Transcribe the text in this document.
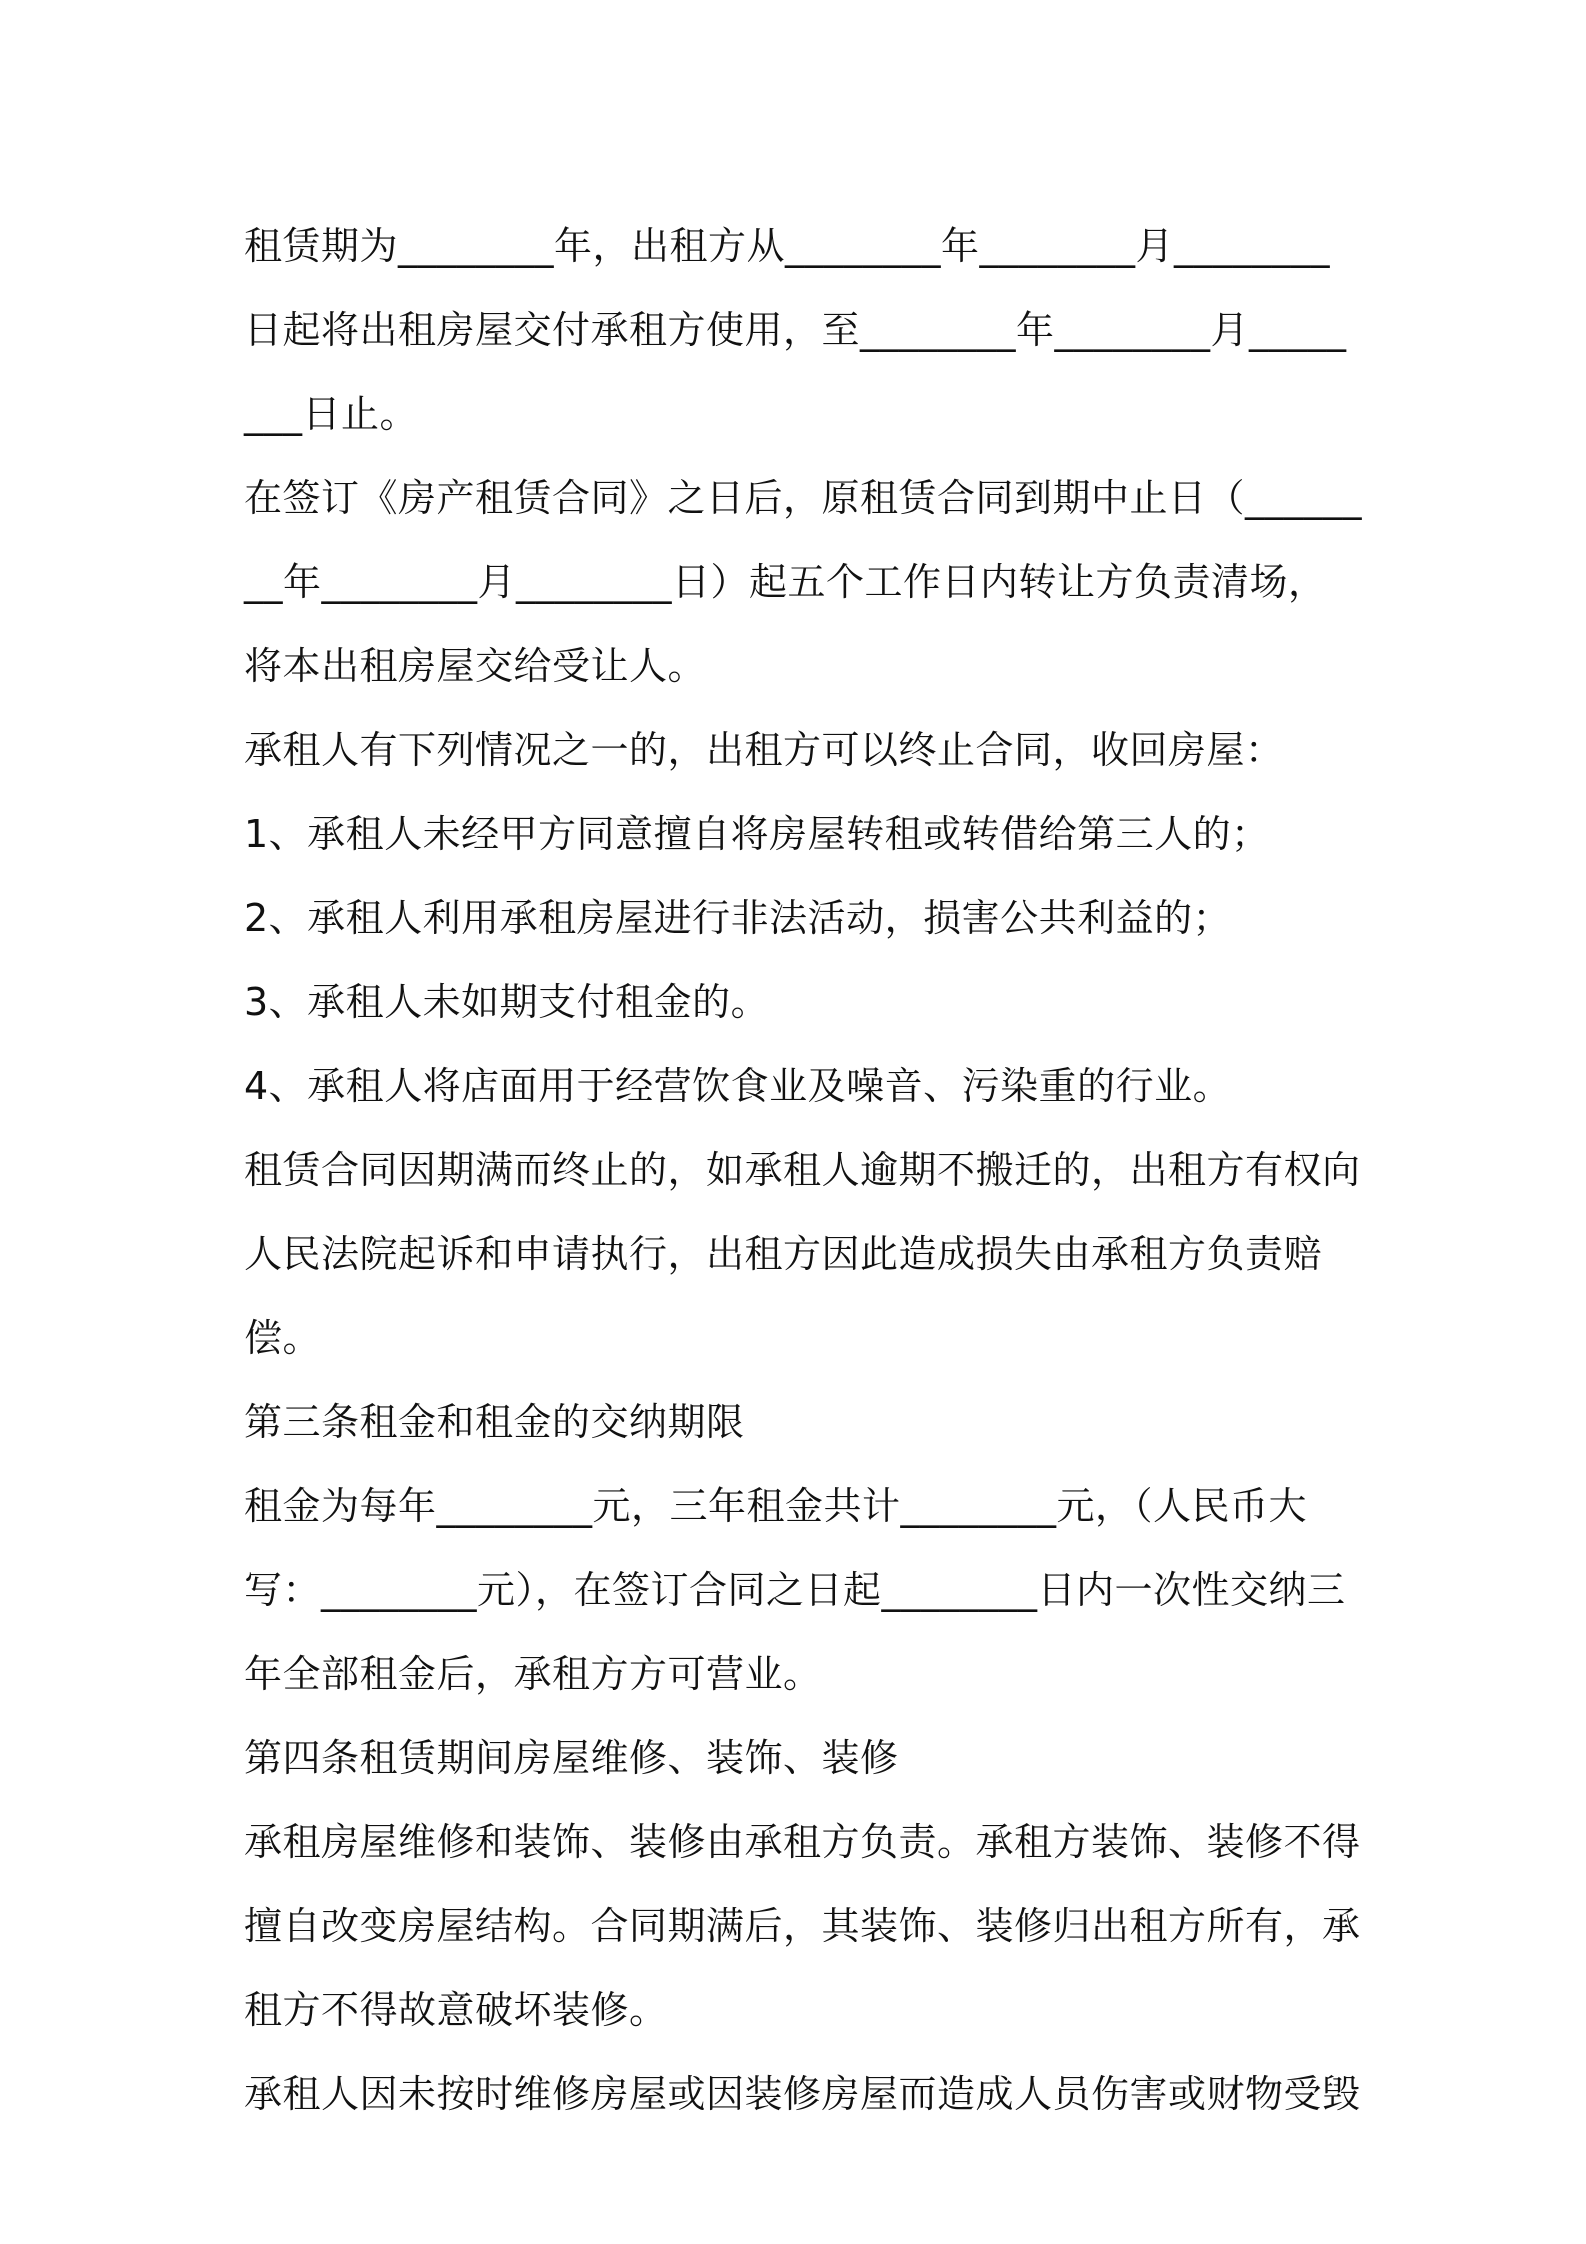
租赁期为________年，出租方从________年________月________日起将出租房屋交付承租方使用，至________年________月________日止。

在签订《房产租赁合同》之日后，原租赁合同到期中止日（________年________月________日）起五个工作日内转让方负责清场，将本出租房屋交给受让人。

承租人有下列情况之一的，出租方可以终止合同，收回房屋：

1、承租人未经甲方同意擅自将房屋转租或转借给第三人的；

2、承租人利用承租房屋进行非法活动，损害公共利益的；

3、承租人未如期支付租金的。

4、承租人将店面用于经营饮食业及噪音、污染重的行业。

租赁合同因期满而终止的，如承租人逾期不搬迁的，出租方有权向人民法院起诉和申请执行，出租方因此造成损失由承租方负责赔偿。

第三条租金和租金的交纳期限

租金为每年________元，三年租金共计________元，（人民币大写：________元），在签订合同之日起________日内一次性交纳三年全部租金后，承租方方可营业。

第四条租赁期间房屋维修、装饰、装修

承租房屋维修和装饰、装修由承租方负责。承租方装饰、装修不得擅自改变房屋结构。合同期满后，其装饰、装修归出租方所有，承租方不得故意破坏装修。

承租人因未按时维修房屋或因装修房屋而造成人员伤害或财物受毁
